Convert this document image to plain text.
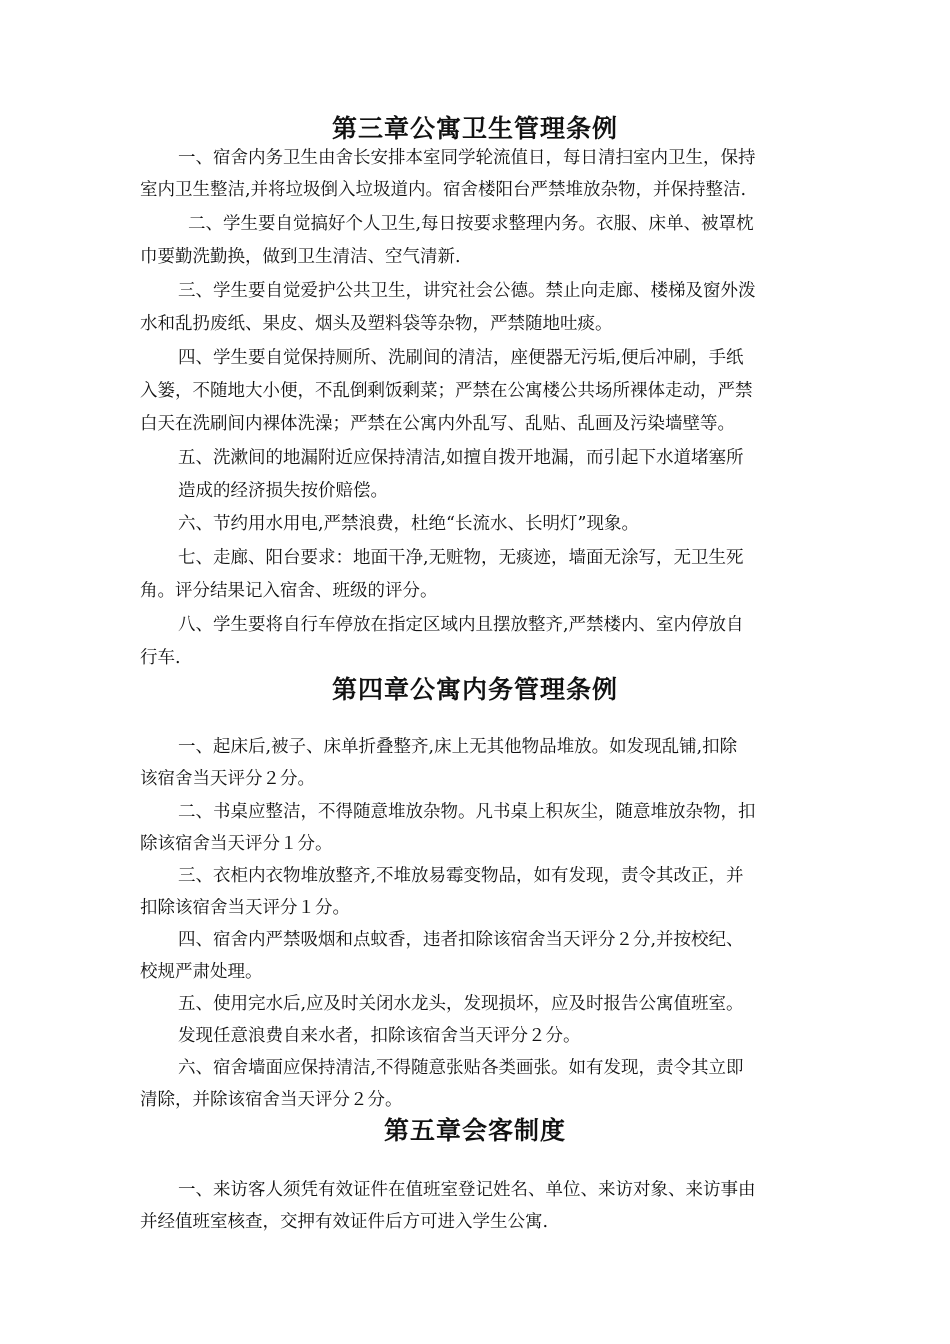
第三章公寓卫生管理条例
一、宿舍内务卫生由舍长安排本室同学轮流值日，每日清扫室内卫生，保持
室内卫生整洁,并将垃圾倒入垃圾道内。宿舍楼阳台严禁堆放杂物，并保持整洁.
二、学生要自觉搞好个人卫生,每日按要求整理内务。衣服、床单、被罩枕
巾要勤洗勤换，做到卫生清洁、空气清新.
三、学生要自觉爱护公共卫生，讲究社会公德。禁止向走廊、楼梯及窗外泼
水和乱扔废纸、果皮、烟头及塑料袋等杂物，严禁随地吐痰。
四、学生要自觉保持厕所、洗刷间的清洁，座便器无污垢,便后冲刷，手纸
入篓，不随地大小便，不乱倒剩饭剩菜；严禁在公寓楼公共场所裸体走动，严禁
白天在洗刷间内裸体洗澡；严禁在公寓内外乱写、乱贴、乱画及污染墙壁等。
五、洗漱间的地漏附近应保持清洁,如擅自拨开地漏，而引起下水道堵塞所
造成的经济损失按价赔偿。
六、节约用水用电,严禁浪费，杜绝“长流水、长明灯”现象。
七、走廊、阳台要求：地面干净,无赃物，无痰迹，墙面无涂写，无卫生死
角。评分结果记入宿舍、班级的评分。
八、学生要将自行车停放在指定区域内且摆放整齐,严禁楼内、室内停放自
行车.
第四章公寓内务管理条例
一、起床后,被子、床单折叠整齐,床上无其他物品堆放。如发现乱铺,扣除
该宿舍当天评分２分。
二、书桌应整洁，不得随意堆放杂物。凡书桌上积灰尘，随意堆放杂物，扣
除该宿舍当天评分１分。
三、衣柜内衣物堆放整齐,不堆放易霉变物品，如有发现，责令其改正，并
扣除该宿舍当天评分１分。
四、宿舍内严禁吸烟和点蚊香，违者扣除该宿舍当天评分２分,并按校纪、
校规严肃处理。
五、使用完水后,应及时关闭水龙头，发现损坏，应及时报告公寓值班室。
发现任意浪费自来水者，扣除该宿舍当天评分２分。
六、宿舍墙面应保持清洁,不得随意张贴各类画张。如有发现，责令其立即
清除，并除该宿舍当天评分２分。
第五章会客制度
一、来访客人须凭有效证件在值班室登记姓名、单位、来访对象、来访事由
并经值班室核查，交押有效证件后方可进入学生公寓.
